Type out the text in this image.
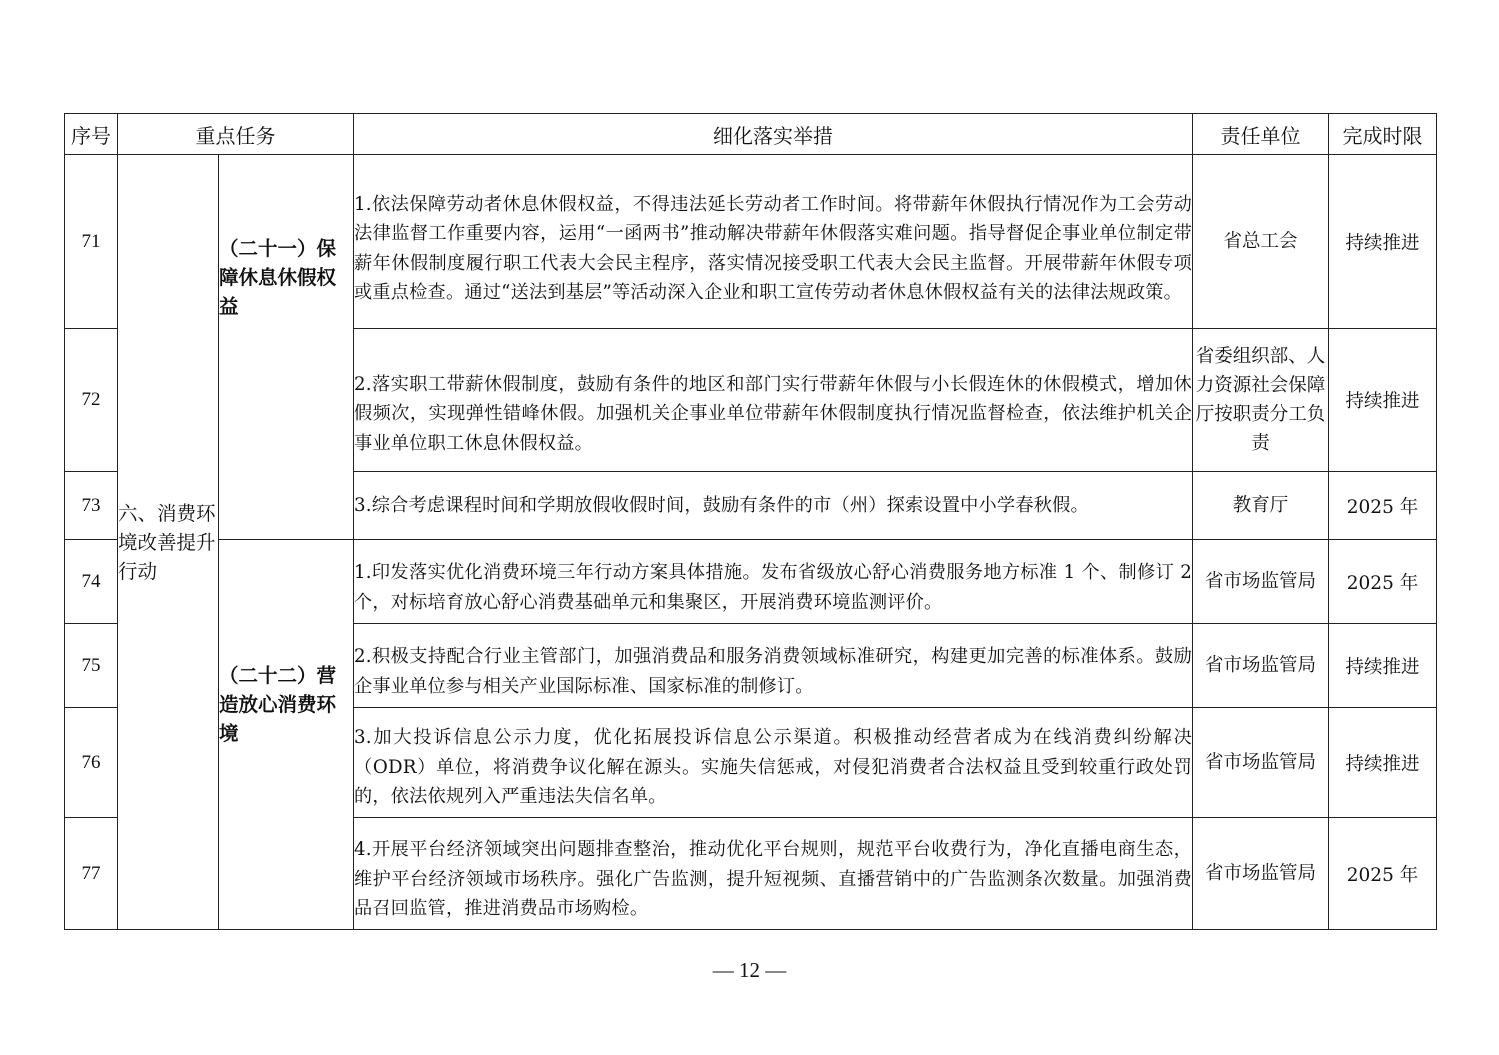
序号	重点任务		细化落实举措	责任单位	完成时限
71	六、消费环境改善提升行动	（二十一）保障休息休假权益	1.依法保障劳动者休息休假权益，不得违法延长劳动者工作时间。将带薪年休假执行情况作为工会劳动法律监督工作重要内容，运用“一函两书”推动解决带薪年休假落实难问题。指导督促企事业单位制定带薪年休假制度履行职工代表大会民主程序，落实情况接受职工代表大会民主监督。开展带薪年休假专项或重点检查。通过“送法到基层”等活动深入企业和职工宣传劳动者休息休假权益有关的法律法规政策。	省总工会	持续推进
72			2.落实职工带薪休假制度，鼓励有条件的地区和部门实行带薪年休假与小长假连休的休假模式，增加休假频次，实现弹性错峰休假。加强机关企事业单位带薪年休假制度执行情况监督检查，依法维护机关企事业单位职工休息休假权益。	省委组织部、人力资源社会保障厅按职责分工负责	持续推进
73			3.综合考虑课程时间和学期放假收假时间，鼓励有条件的市（州）探索设置中小学春秋假。	教育厅	2025 年
74		（二十二）营造放心消费环境	1.印发落实优化消费环境三年行动方案具体措施。发布省级放心舒心消费服务地方标准 1 个、制修订 2 个，对标培育放心舒心消费基础单元和集聚区，开展消费环境监测评价。	省市场监管局	2025 年
75			2.积极支持配合行业主管部门，加强消费品和服务消费领域标准研究，构建更加完善的标准体系。鼓励企事业单位参与相关产业国际标准、国家标准的制修订。	省市场监管局	持续推进
76			3.加大投诉信息公示力度，优化拓展投诉信息公示渠道。积极推动经营者成为在线消费纠纷解决（ODR）单位，将消费争议化解在源头。实施失信惩戒，对侵犯消费者合法权益且受到较重行政处罚的，依法依规列入严重违法失信名单。	省市场监管局	持续推进
77			4.开展平台经济领域突出问题排查整治，推动优化平台规则，规范平台收费行为，净化直播电商生态，维护平台经济领域市场秩序。强化广告监测，提升短视频、直播营销中的广告监测条次数量。加强消费品召回监管，推进消费品市场购检。	省市场监管局	2025 年
— 12 —
